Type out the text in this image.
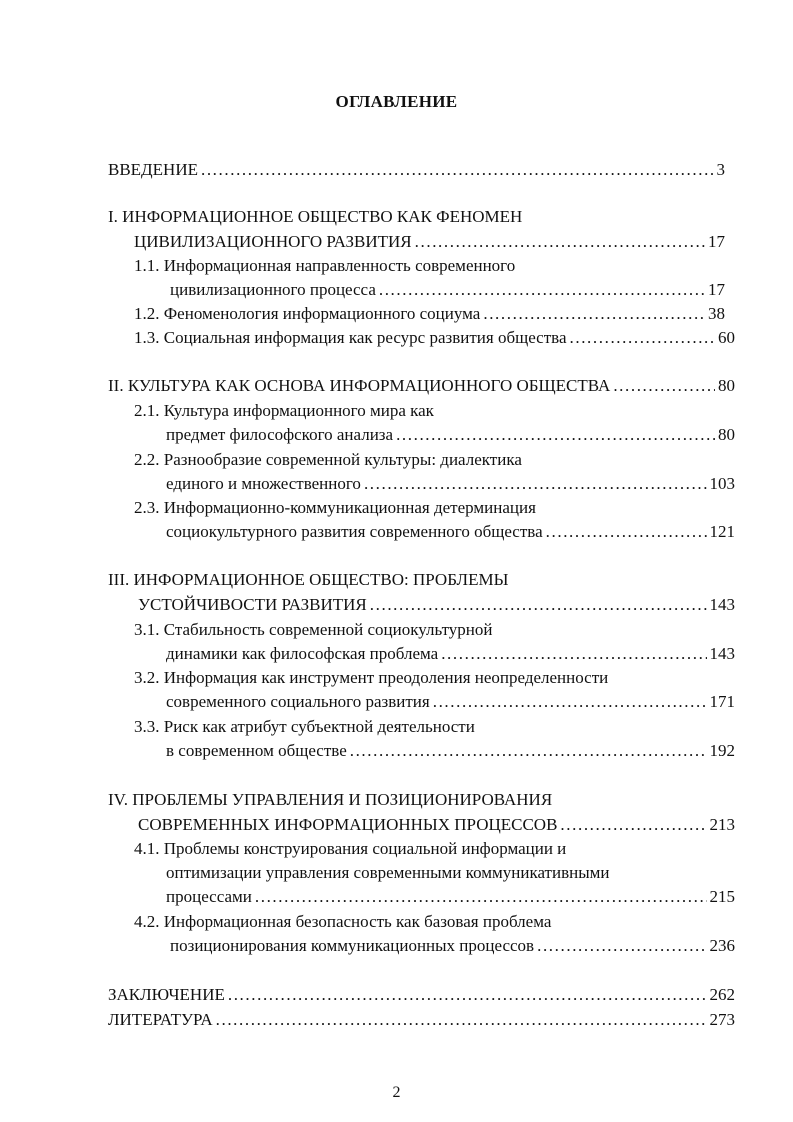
ОГЛАВЛЕНИЕ
ВВЕДЕНИЕ .....	3
I. ИНФОРМАЦИОННОЕ ОБЩЕСТВО КАК ФЕНОМЕН
ЦИВИЛИЗАЦИОННОГО РАЗВИТИЯ .....	17
1.1. Информационная направленность современного
цивилизационного процесса .....	17
1.2. Феноменология информационного социума .....	38
1.3. Социальная информация как ресурс развития общества .....	60
II. КУЛЬТУРА КАК ОСНОВА ИНФОРМАЦИОННОГО ОБЩЕСТВА .....	80
2.1. Культура информационного мира как
предмет философского анализа .....	80
2.2. Разнообразие современной культуры: диалектика
единого и множественного .....	103
2.3. Информационно-коммуникационная детерминация
социокультурного развития современного общества .....	121
III. ИНФОРМАЦИОННОЕ ОБЩЕСТВО: ПРОБЛЕМЫ
УСТОЙЧИВОСТИ РАЗВИТИЯ .....	143
3.1. Стабильность современной социокультурной
динамики как философская проблема .....	143
3.2. Информация как инструмент преодоления неопределенности
современного социального развития .....	171
3.3. Риск как атрибут субъектной деятельности
в современном обществе .....	192
IV. ПРОБЛЕМЫ УПРАВЛЕНИЯ И ПОЗИЦИОНИРОВАНИЯ
СОВРЕМЕННЫХ ИНФОРМАЦИОННЫХ ПРОЦЕССОВ .....	213
4.1. Проблемы конструирования социальной информации и
оптимизации управления современными коммуникативными
процессами .....	215
4.2. Информационная безопасность как базовая проблема
позиционирования коммуникационных процессов .....	236
ЗАКЛЮЧЕНИЕ .....	262
ЛИТЕРАТУРА .....	273
2
